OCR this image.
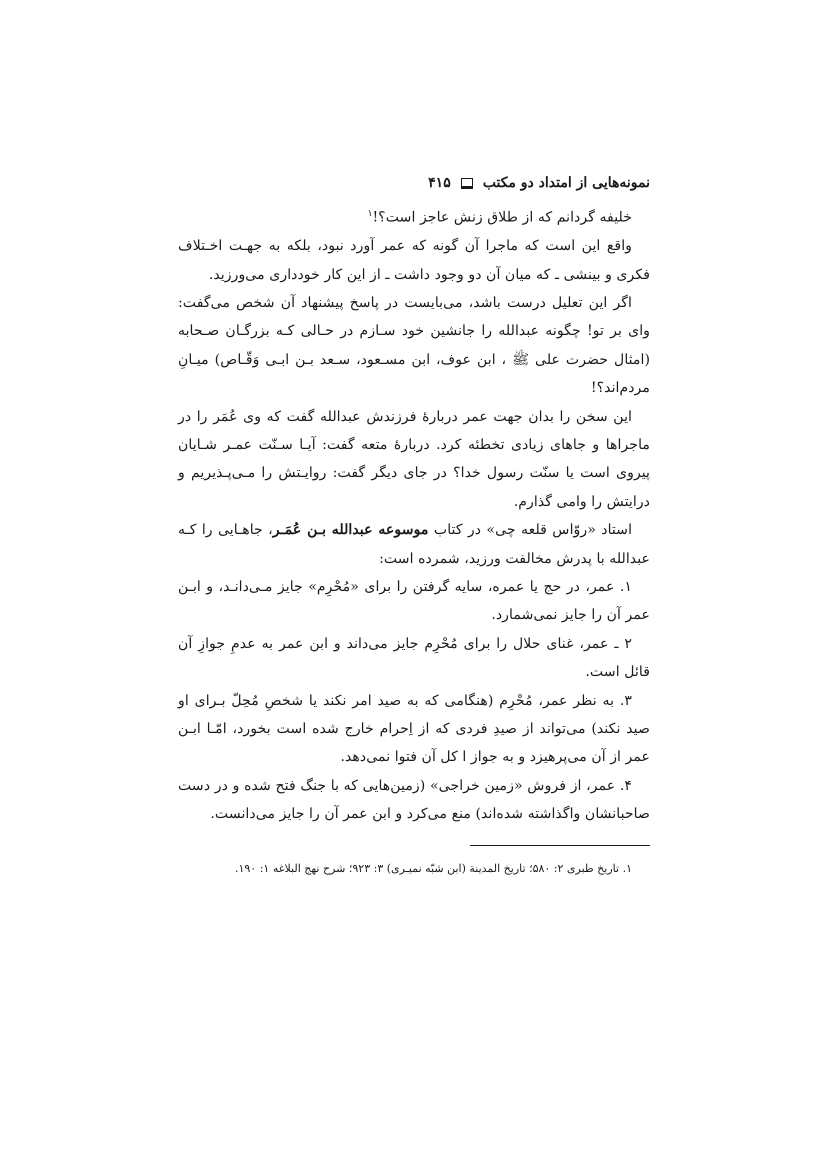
نمونه‌هایی از امتداد دو مکتب
۴۱۵

خلیفه گردانم که از طلاق زنش عاجز است؟!$^۱$

واقع این است که ماجرا آن گونه که عمر آورد نبود، بلکه به جهـت اخـتلاف فکری و بینشی ـ که میان آن دو وجود داشت ـ از این کار خودداری می‌ورزید.

اگر این تعلیل درست باشد، می‌بایست در پاسخ پیشنهاد آن شخص می‌گفت: وای بر تو! چگونه عبدالله را جانشین خود سـازم در حـالی کـه بزرگـان صـحابه (امثال حضرت علی ﷺ ، ابن عوف، ابن مسـعود، سـعد بـن ابـی وَقّـاص) میـانِ مردم‌اند؟!

این سخن را بدان جهت عمر دربارهٔ فرزندش عبدالله گفت که وی عُمَر را در ماجراها و جاهای زیادی تخطئه کرد. دربارهٔ متعه گفت: آیـا سـنّت عمـر شـایان پیروی است یا سنّت رسول خدا؟ در جای دیگر گفت: روایـتش را مـی‌پـذیریم و درایتش را وامی گذارم.

استاد «روّاس قلعه چی» در کتاب موسوعه عبدالله بـن عُمَـر، جاهـایی را کـه عبدالله با پدرش مخالفت ورزید، شمرده است:

۱. عمر، در حج یا عمره، سایه گرفتن را برای «مُحْرِم» جایز مـی‌دانـد، و ابـن عمر آن را جایز نمی‌شمارد.

۲ ـ عمر، غنای حلال را برای مُحْرِم جایز می‌داند و ابن عمر به عدمِ جوازِ آن قائل است.

۳. به نظر عمر، مُحْرِم (هنگامی که به صید امر نکند یا شخصِ مُحِلّ بـرای او صید نکند) می‌تواند از صیدِ فردی که از اِحرام خارج شده است بخورد، امّـا ابـن عمر از آن می‌پرهیزد و به جواز ا کل آن فتوا نمی‌دهد.

۴. عمر، از فروش «زمین خراجی» (زمین‌هایی که با جنگ فتح شده و در دست صاحبانشان واگذاشته شده‌اند) منع می‌کرد و ابن عمر آن را جایز می‌دانست.

۱. تاریخ طبری ۲: ۵۸۰؛ تاریخ المدینة (ابن شبّه نمیـری) ۳: ۹۲۳؛ شرح نهج البلاغه ۱: ۱۹۰.
